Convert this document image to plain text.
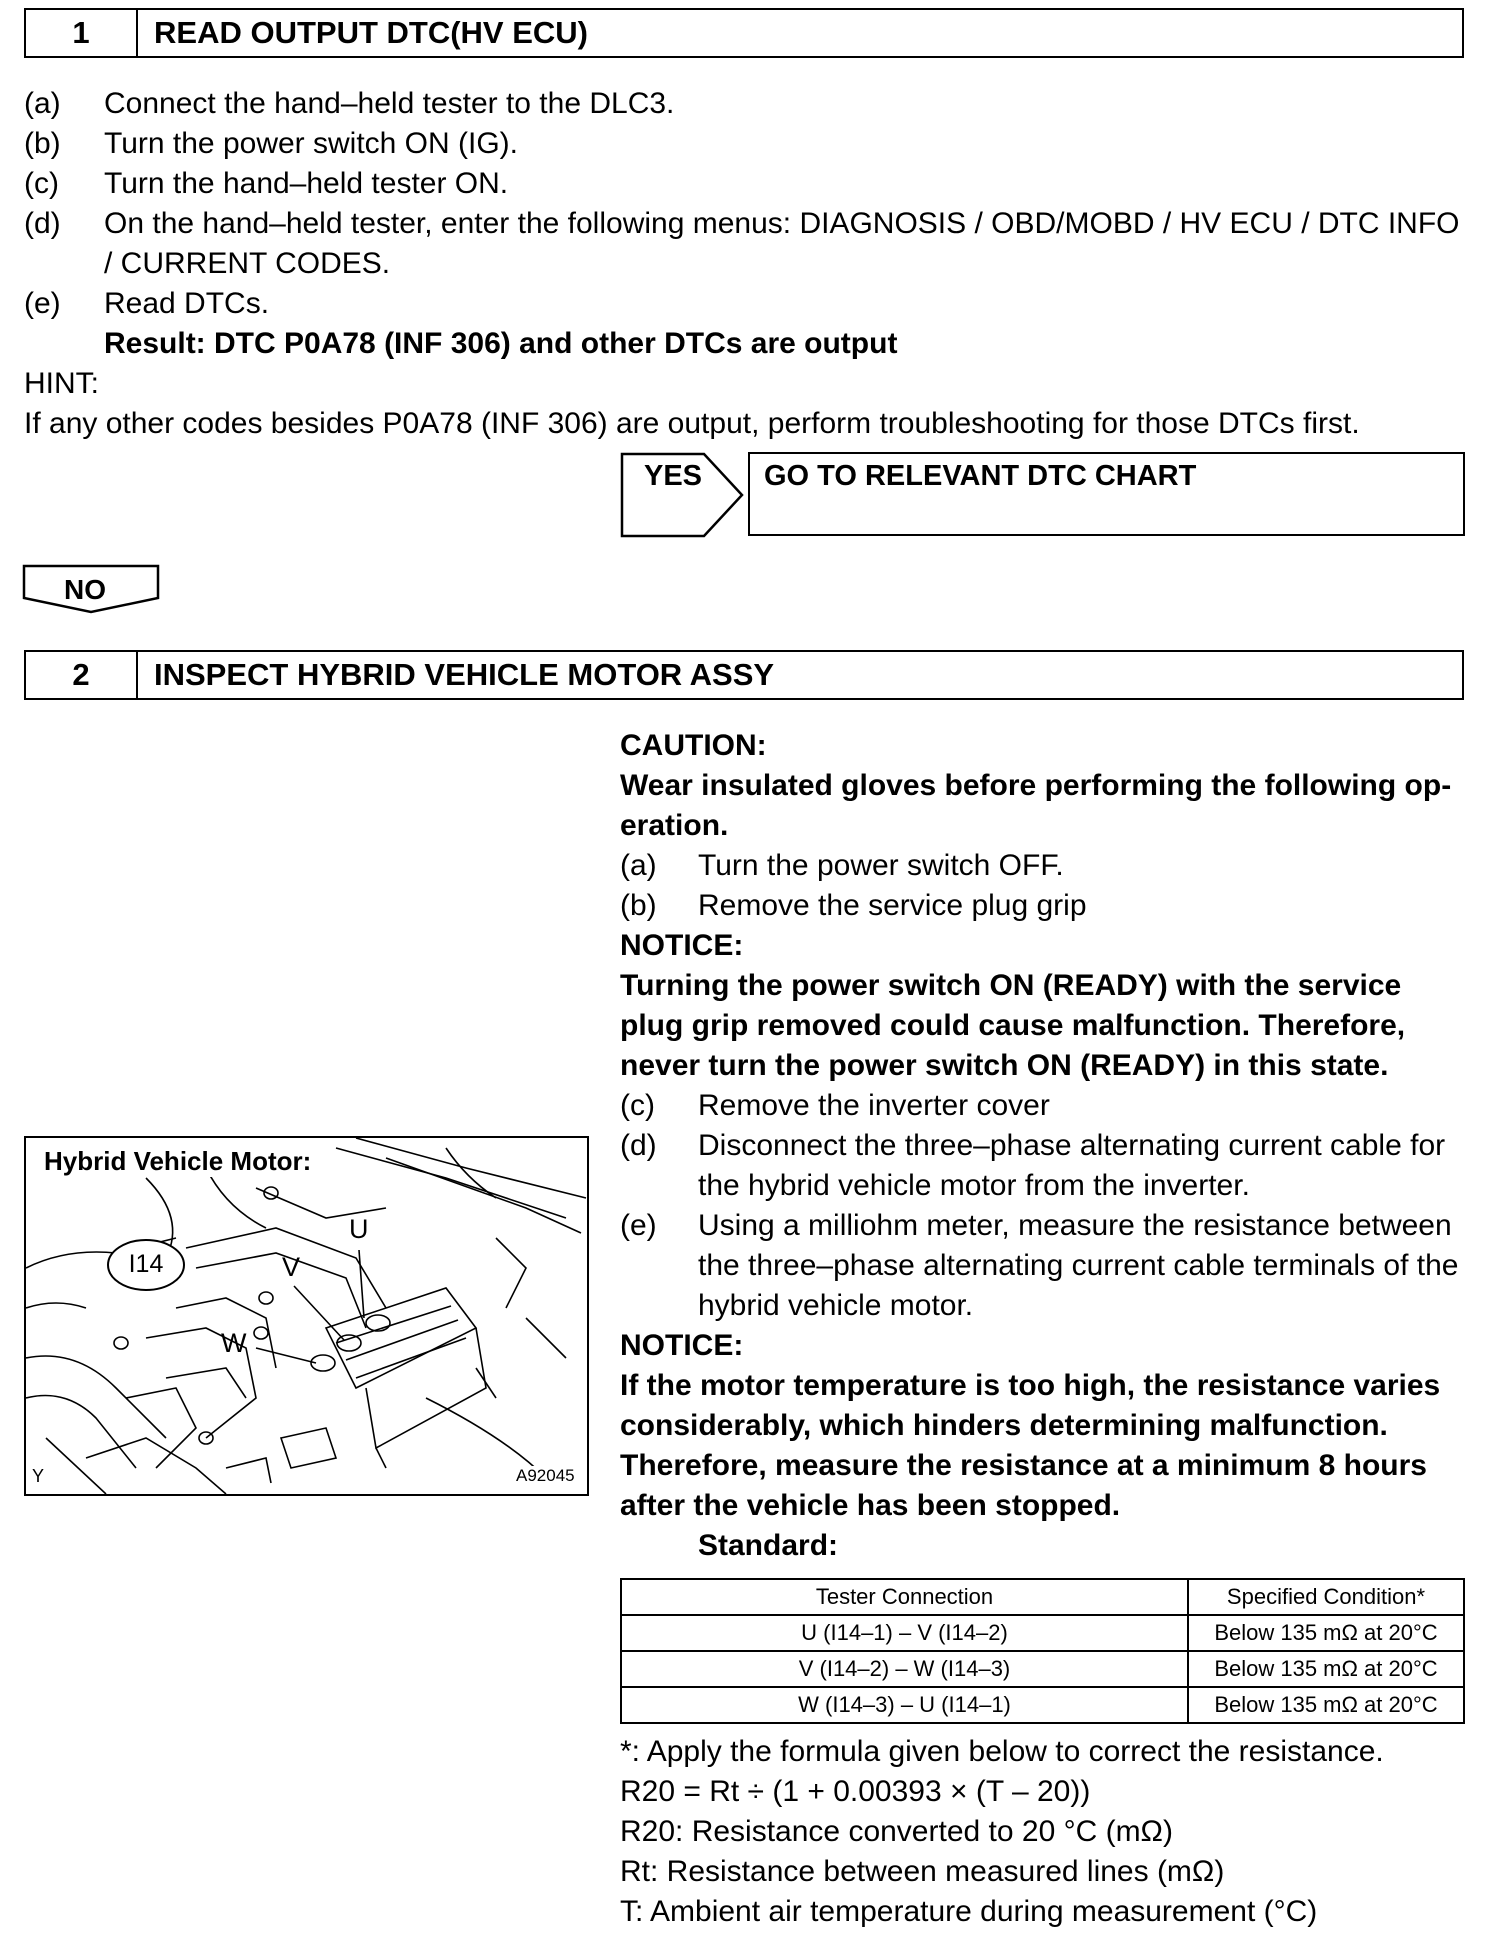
1	READ OUTPUT DTC(HV ECU)
(a) Connect the hand–held tester to the DLC3.
(b) Turn the power switch ON (IG).
(c) Turn the hand–held tester ON.
(d) On the hand–held tester, enter the following menus: DIAGNOSIS / OBD/MOBD / HV ECU / DTC INFO
/ CURRENT CODES.
(e) Read DTCs.
Result: DTC P0A78 (INF 306) and other DTCs are output
HINT:
If any other codes besides P0A78 (INF 306) are output, perform troubleshooting for those DTCs first.
YES GO TO RELEVANT DTC CHART
NO
2	INSPECT HYBRID VEHICLE MOTOR ASSY
CAUTION:
Wear insulated gloves before performing the following op-
eration.
(a) Turn the power switch OFF.
(b) Remove the service plug grip
NOTICE:
Turning the power switch ON (READY) with the service
plug grip removed could cause malfunction. Therefore,
never turn the power switch ON (READY) in this state.
(c) Remove the inverter cover
(d) Disconnect the three–phase alternating current cable for
the hybrid vehicle motor from the inverter.
(e) Using a milliohm meter, measure the resistance between
the three–phase alternating current cable terminals of the
hybrid vehicle motor.
NOTICE:
If the motor temperature is too high, the resistance varies
considerably, which hinders determining malfunction.
Therefore, measure the resistance at a minimum 8 hours
after the vehicle has been stopped.
Standard:
Tester Connection	Specified Condition*
U (I14–1) – V (I14–2)	Below 135 mΩ at 20°C
V (I14–2) – W (I14–3)	Below 135 mΩ at 20°C
W (I14–3) – U (I14–1)	Below 135 mΩ at 20°C
*: Apply the formula given below to correct the resistance.
R20 = Rt ÷ (1 + 0.00393 × (T – 20))
R20: Resistance converted to 20 °C (mΩ)
Rt: Resistance between measured lines (mΩ)
T: Ambient air temperature during measurement (°C)
Hybrid Vehicle Motor:
I14
U
V
W
Y	A92045
